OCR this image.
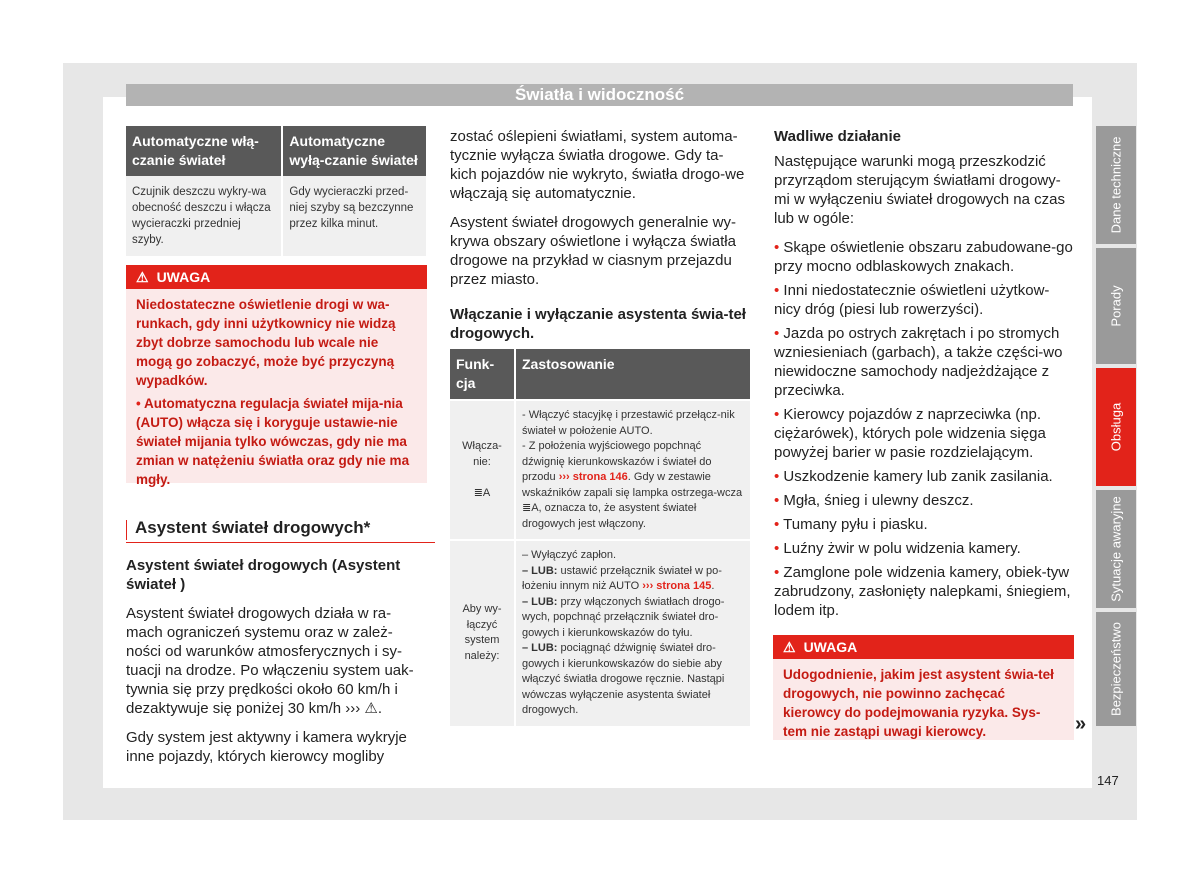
Światła i widoczność
Automatyczne włą-czanie świateł	Automatyczne wyłą-czanie świateł
Czujnik deszczu wykry-wa obecność deszczu i włącza wycieraczki przedniej szyby.	Gdy wycieraczki przed-niej szyby są bezczynne przez kilka minut.
⚠ UWAGA

Niedostateczne oświetlenie drogi w wa-runkach, gdy inni użytkownicy nie widzą zbyt dobrze samochodu lub wcale nie mogą go zobaczyć, może być przyczyną wypadków.

• Automatyczna regulacja świateł mija-nia (AUTO) włącza się i koryguje ustawie-nie świateł mijania tylko wówczas, gdy nie ma zmian w natężeniu światła oraz gdy nie ma mgły.

Asystent świateł drogowych*

Asystent świateł drogowych (Asystent świateł )

Asystent świateł drogowych działa w ra-mach ograniczeń systemu oraz w zależ-ności od warunków atmosferycznych i sy-tuacji na drodze. Po włączeniu system uak-tywnia się przy prędkości około 60 km/h i dezaktywuje się poniżej 30 km/h ››› ⚠.

Gdy system jest aktywny i kamera wykryje inne pojazdy, których kierowcy mogliby

zostać oślepieni światłami, system automa-tycznie wyłącza światła drogowe. Gdy ta-kich pojazdów nie wykryto, światła drogo-we włączają się automatycznie.

Asystent świateł drogowych generalnie wy-krywa obszary oświetlone i wyłącza światła drogowe na przykład w ciasnym przejazdu przez miasto.

Włączanie i wyłączanie asystenta świa-teł drogowych.

Funk-cja	Zastosowanie
Włącza-nie:

≣A	- Włączyć stacyjkę i przestawić przełącz-nik świateł w położenie AUTO.
- Z położenia wyjściowego popchnąć dźwignię kierunkowskazów i świateł do przodu ››› strona 146. Gdy w zestawie wskaźników zapali się lampka ostrzega-wcza ≣A, oznacza to, że asystent świateł drogowych jest włączony.
Aby wy-łączyć system należy:	– Wyłączyć zapłon.
– LUB: ustawić przełącznik świateł w po-łożeniu innym niż AUTO ››› strona 145.
– LUB: przy włączonych światłach drogo-wych, popchnąć przełącznik świateł dro-gowych i kierunkowskazów do tyłu.
– LUB: pociągnąć dźwignię świateł dro-gowych i kierunkowskazów do siebie aby włączyć światła drogowe ręcznie. Nastąpi wówczas wyłączenie asystenta świateł drogowych.

Wadliwe działanie

Następujące warunki mogą przeszkodzić przyrządom sterującym światłami drogowy-mi w wyłączeniu świateł drogowych na czas lub w ogóle:

• Skąpe oświetlenie obszaru zabudowane-go przy mocno odblaskowych znakach.
• Inni niedostatecznie oświetleni użytkow-nicy dróg (piesi lub rowerzyści).
• Jazda po ostrych zakrętach i po stromych wzniesieniach (garbach), a także części-wo niewidoczne samochody nadjeżdżające z przeciwka.
• Kierowcy pojazdów z naprzeciwka (np. ciężarówek), których pole widzenia sięga powyżej barier w pasie rozdzielającym.
• Uszkodzenie kamery lub zanik zasilania.
• Mgła, śnieg i ulewny deszcz.
• Tumany pyłu i piasku.
• Luźny żwir w polu widzenia kamery.
• Zamglone pole widzenia kamery, obiek-tyw zabrudzony, zasłonięty nalepkami, śniegiem, lodem itp.
⚠ UWAGA

Udogodnienie, jakim jest asystent świa-teł drogowych, nie powinno zachęcać kierowcy do podejmowania ryzyka. Sys-tem nie zastąpi uwagi kierowcy.	»
Dane techniczne
Porady
Obsługa
Sytuacje awaryjne
Bezpieczeństwo
147
